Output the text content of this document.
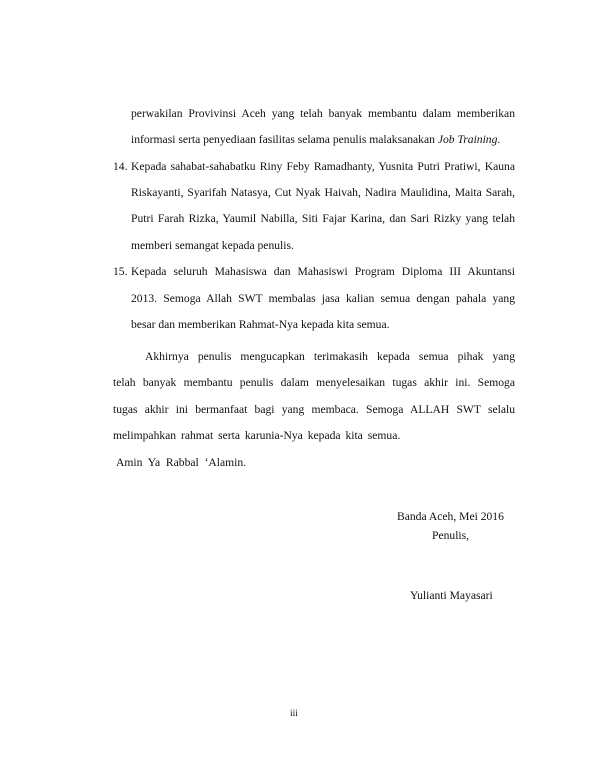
perwakilan Provivinsi Aceh yang telah banyak membantu dalam memberikan
informasi serta penyediaan fasilitas selama penulis malaksanakan Job Training.
14. Kepada sahabat-sahabatku Riny Feby Ramadhanty, Yusnita Putri Pratiwi, Kauna
Riskayanti, Syarifah Natasya, Cut Nyak Haivah, Nadira Maulidina, Maita Sarah,
Putri Farah Rizka, Yaumil Nabilla, Siti Fajar Karina, dan Sari Rizky yang telah
memberi semangat kepada penulis.
15. Kepada seluruh Mahasiswa dan Mahasiswi Program Diploma III Akuntansi
2013. Semoga Allah SWT membalas jasa kalian semua dengan pahala yang
besar dan memberikan Rahmat-Nya kepada kita semua.
Akhirnya penulis mengucapkan terimakasih kepada semua pihak yang
telah banyak membantu penulis dalam menyelesaikan tugas akhir ini. Semoga
tugas akhir ini bermanfaat bagi yang membaca. Semoga ALLAH SWT selalu
melimpahkan rahmat serta karunia-Nya kepada kita semua.
Amin  Ya  Rabbal  ‘Alamin.
Banda Aceh, Mei 2016
Penulis,
Yulianti Mayasari
iii
